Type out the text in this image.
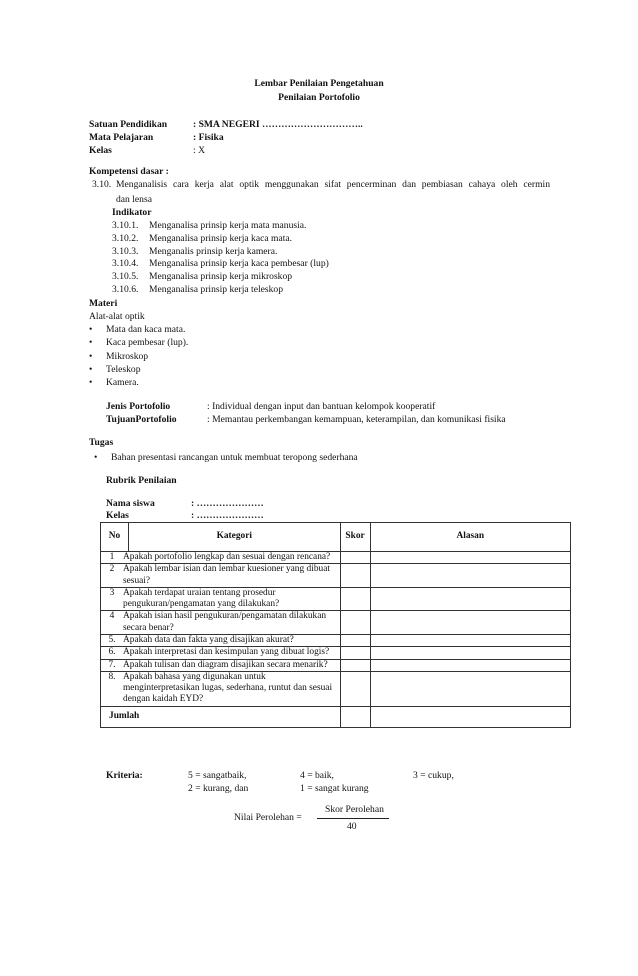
Lembar Penilaian Pengetahuan
Penilaian Portofolio
Satuan Pendidikan	: SMA NEGERI …………………………..
Mata Pelajaran	: Fisika
Kelas	: X
Kompetensi dasar :
3.10. Menganalisis cara kerja alat optik menggunakan sifat pencerminan dan pembiasan cahaya oleh cermin
dan lensa
Indikator
3.10.1.	Menganalisa prinsip kerja mata manusia.
3.10.2.	Menganalisa prinsip kerja kaca mata.
3.10.3.	Menganalis prinsip kerja kamera.
3.10.4.	Menganalisa prinsip kerja kaca pembesar (lup)
3.10.5.	Menganalisa prinsip kerja mikroskop
3.10.6.	Menganalisa prinsip kerja teleskop
Materi
Alat-alat optik
• Mata dan kaca mata.
• Kaca pembesar (lup).
• Mikroskop
• Teleskop
• Kamera.
Jenis Portofolio	: Individual dengan input dan bantuan kelompok kooperatif
TujuanPortofolio	: Memantau perkembangan kemampuan, keterampilan, dan komunikasi fisika
Tugas
• Bahan presentasi rancangan untuk membuat teropong sederhana
Rubrik Penilaian
Nama siswa	: …………………
Kelas	: …………………
No	Kategori	Skor	Alasan

1 Apakah portofolio lengkap dan sesuai dengan rencana?			

2 Apakah lembar isian dan lembar kuesioner yang dibuat sesuai?			

3 Apakah terdapat uraian tentang prosedur pengukuran/pengamatan yang dilakukan?			

4 Apakah isian hasil pengukuran/pengamatan dilakukan secara benar?			

5. Apakah data dan fakta yang disajikan akurat?			

6. Apakah interpretasi dan kesimpulan yang dibuat logis?			

7. Apakah tulisan dan diagram disajikan secara menarik?			

8. Apakah bahasa yang digunakan untuk menginterpretasikan lugas, sederhana, runtut dan sesuai dengan kaidah EYD?			

Jumlah			
Kriteria:	5 = sangatbaik,	4 = baik,	3 = cukup,
2 = kurang, dan	1 = sangat kurang
Skor Perolehan
Nilai Perolehan =
40
